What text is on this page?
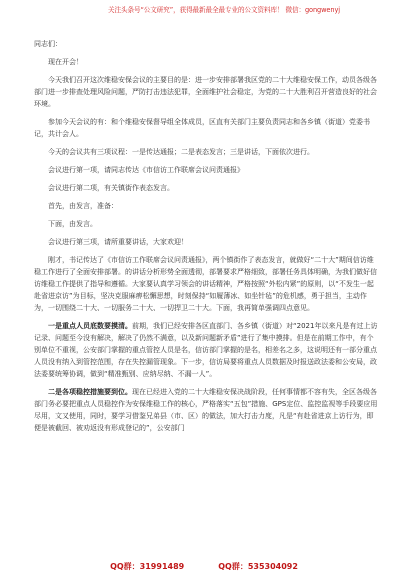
关注头条号“公文研究”，获得最新最全最专业的公文资料库！ 微信：gongwenyj

同志们：

现在开会！

今天我们召开这次维稳安保会议的主要目的是：进一步安排部署我区党的二十大维稳安保工作，动员各级各部门进一步排查处理风险问题，严防打击违法犯罪，全面维护社会稳定，为党的二十大胜利召开营造良好的社会环境。

参加今天会议的有：和个维稳安保督导组全体成员，区直有关部门主要负责同志和各乡镇（街道）党委书记，共计会人。

今天的会议共有三项议程：一是传达通报；二是表态发言；三是讲话，下面依次进行。

会议进行第一项，请同志传达《市信访工作联席会议问责通报》

会议进行第二项，有关镇街作表态发言。

首先，由发言，准备：

下面，由发言。

会议进行第三项，请所重要讲话，大家欢迎！

刚才，书记传达了《市信访工作联席会议问责通报》，两个镇街作了表态发言，就做好“二十大”期间信访维稳工作进行了全面安排部署。的讲话分析形势全面透彻，部署要求严格细致，部署任务具体明确，为我们做好信访维稳工作提供了指导和遵循。大家要认真学习领会的讲话精神，严格按照“外松内紧”的原则，以“不发生一起赴省进京访”为目标，坚决克服麻痹松懈思想，时刻保持“如履薄冰、如坐针毡”的危机感，勇于担当，主动作为，一切围绕二十大、一切服务二十大、一切捍卫二十大。下面，我再简单强调四点意见。

一是重点人员底数要摸清。前期，我们已经安排各区直部门、各乡镇（街道）对“2021年以来凡是有过上访记录、问题至今没有解决，解决了仍然不满意，以及新问题新矛盾”进行了集中摸排。但是在前期工作中，有个别单位不重视，公安部门掌握的重点管控人员是名，信访部门掌握的是名，相差名之多，这说明还有一部分重点人员没有纳入到管控范围，存在失控漏管现象。下一步，信访局要将重点人员数据及时报送政法委和公安局，政法委要统筹协调，做到“精准甄别、应纳尽纳、不漏一人”。

二是各项稳控措施要到位。现在已经进入党的二十大维稳安保决战阶段，任何事情都不容有失，全区各级各部门务必要把重点人员稳控作为安保维稳工作的核心，严格落实“五包”措施、GPS定位、监控监视等手段要应用尽用，文又使用，同时，要学习借鉴兄弟县（市、区）的做法，加大打击力度，凡是“有赴省进京上访行为，即便是被截回、被劝返没有形成登记的”，公安部门

QQ群：31991489	QQ群：535304092
